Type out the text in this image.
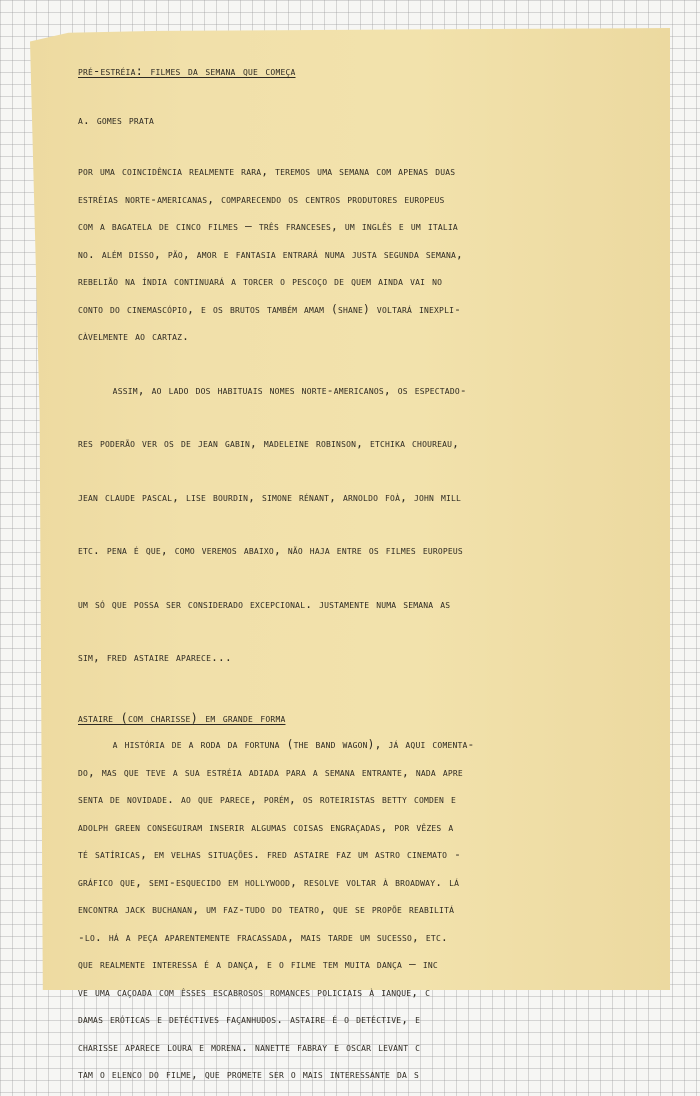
pré-estréia: filmes da semana que começa
a. gomes prata
por uma coincidência realmente rara, teremos uma semana com apenas duas
estréias norte-americanas, comparecendo os centros produtores europeus
com a bagatela de cinco filmes — três franceses, um inglês e um italia
no. além disso, pão, amor e fantasia entrará numa justa segunda semana,
rebelião na índia continuará a torcer o pescoço de quem ainda vai no
conto do cinemascópio, e os brutos também amam (shane) voltará inexpli-
càvelmente ao cartaz.

assim, ao lado dos habituais nomes norte-americanos, os espectado-

res poderão ver os de jean gabin, madeleine robinson, etchika choureau,

jean claude pascal, lise bourdin, simone rénant, arnoldo foà, john mill

etc. pena é que, como veremos abaixo, não haja entre os filmes europeus

um só que possa ser considerado excepcional. justamente numa semana as

sim, fred astaire aparece...

astaire (com charisse) em grande forma
a história de a roda da fortuna (the band wagon), já aqui comenta-
do, mas que teve a sua estréia adiada para a semana entrante, nada apre
senta de novidade. ao que parece, porém, os roteiristas betty comden e
adolph green conseguiram inserir algumas coisas engraçadas, por vêzes a
té satíricas, em velhas situações. fred astaire faz um astro cinemato -
gráfico que, semi-esquecido em hollywood, resolve voltar à broadway. lá
encontra jack buchanan, um faz-tudo do teatro, que se propõe reabilitá
-lo. há a peça aparentemente fracassada, mais tarde um sucesso, etc.
que realmente interessa é a dança, e o filme tem muita dança — inc
ve uma caçoada com êsses escabrosos romances policiais à ianque, c
damas eróticas e detéctives façanhudos. astaire é o detéctive, e
charisse aparece loura e morena. nanette fabray e oscar levant c
tam o elenco do filme, que promete ser o mais interessante da s
